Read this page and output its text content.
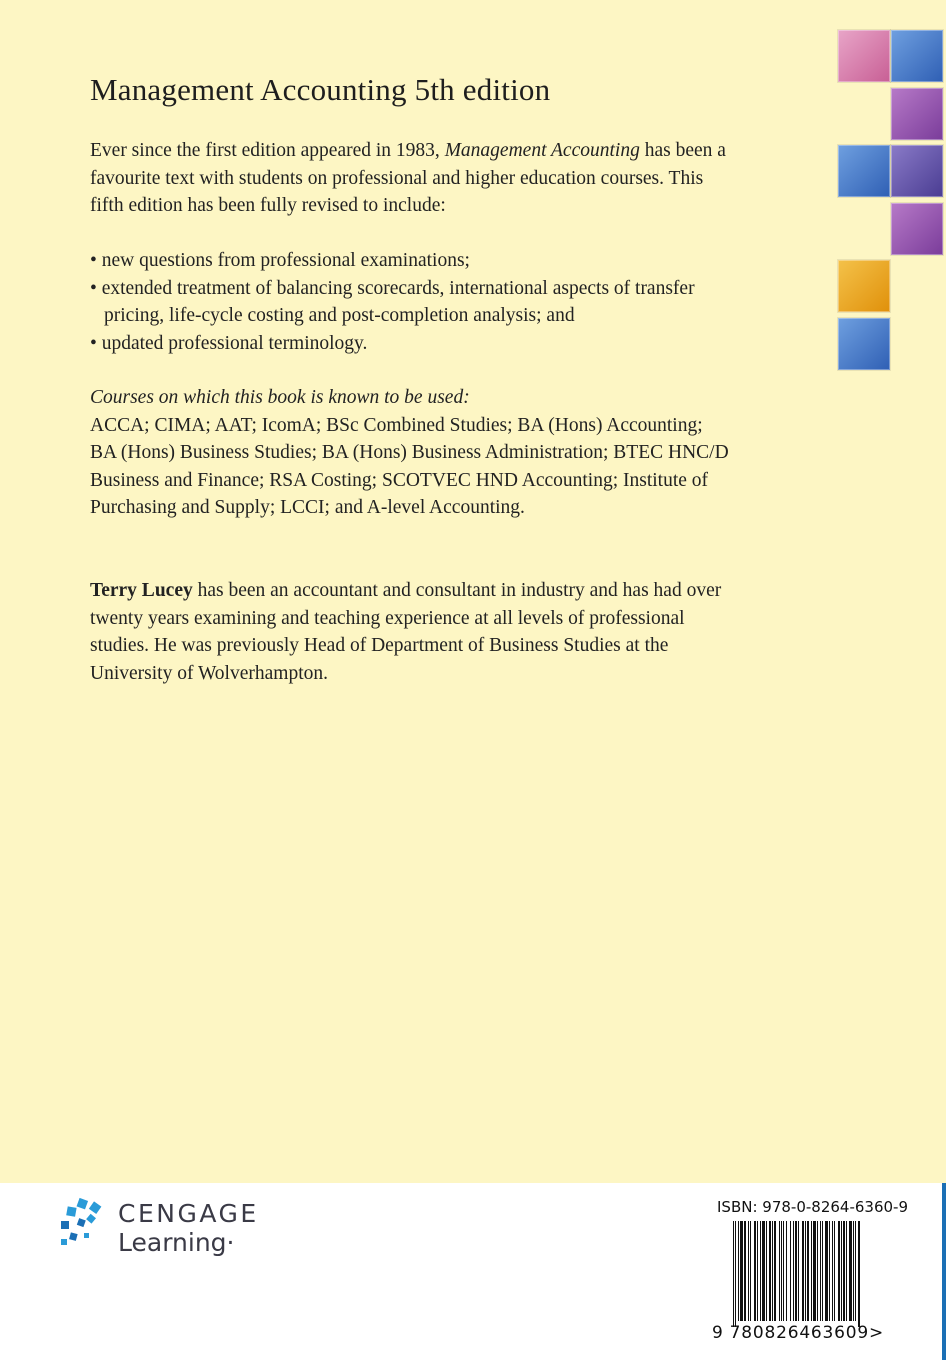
Management Accounting 5th edition

Ever since the first edition appeared in 1983, Management Accounting has been a favourite text with students on professional and higher education courses. This fifth edition has been fully revised to include:

• new questions from professional examinations;
• extended treatment of balancing scorecards, international aspects of transfer pricing, life-cycle costing and post-completion analysis; and
• updated professional terminology.
Courses on which this book is known to be used:
ACCA; CIMA; AAT; IcomA; BSc Combined Studies; BA (Hons) Accounting; BA (Hons) Business Studies; BA (Hons) Business Administration; BTEC HNC/D Business and Finance; RSA Costing; SCOTVEC HND Accounting; Institute of Purchasing and Supply; LCCI; and A-level Accounting.

Terry Lucey has been an accountant and consultant in industry and has had over twenty years examining and teaching experience at all levels of professional studies. He was previously Head of Department of Business Studies at the University of Wolverhampton.

CENGAGE
Learning·
ISBN: 978-0-8264-6360-9
9 780826463609>
